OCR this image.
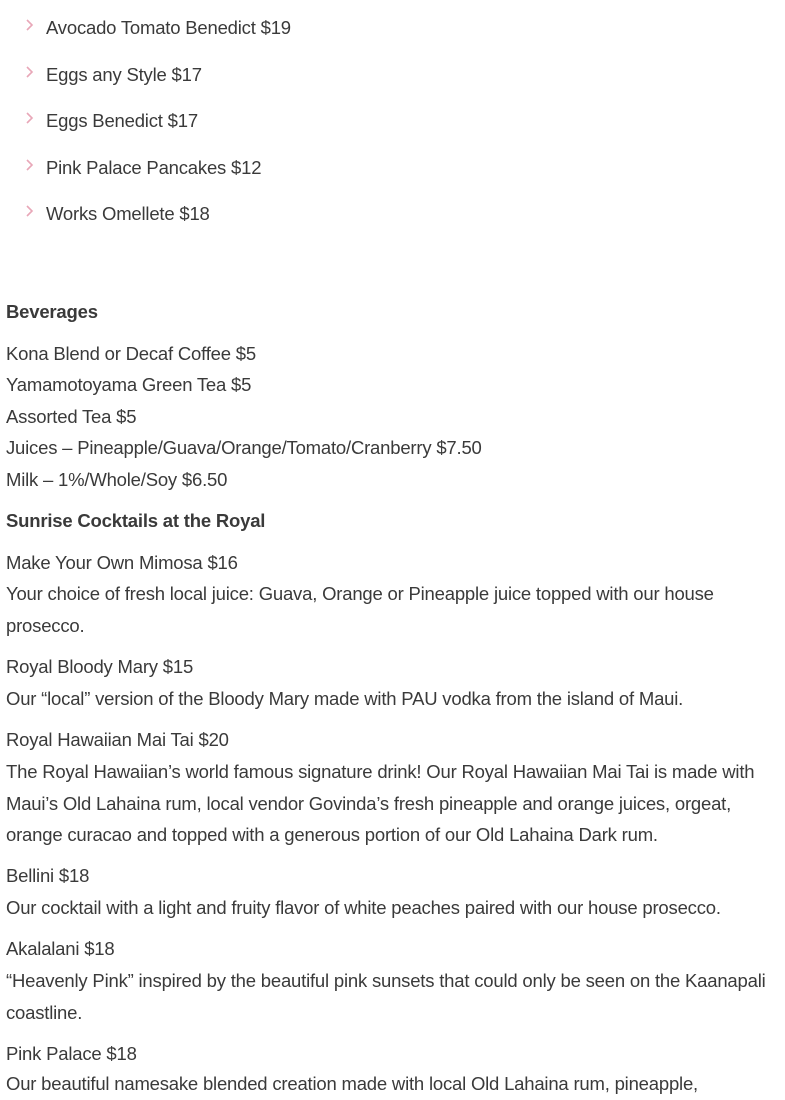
Avocado Tomato Benedict $19
Eggs any Style $17
Eggs Benedict $17
Pink Palace Pancakes $12
Works Omellete $18
Beverages
Kona Blend or Decaf Coffee $5
Yamamotoyama Green Tea $5
Assorted Tea $5
Juices – Pineapple/Guava/Orange/Tomato/Cranberry $7.50
Milk – 1%/Whole/Soy $6.50
Sunrise Cocktails at the Royal
Make Your Own Mimosa $16
Your choice of fresh local juice: Guava, Orange or Pineapple juice topped with our house prosecco.
Royal Bloody Mary $15
Our “local” version of the Bloody Mary made with PAU vodka from the island of Maui.
Royal Hawaiian Mai Tai $20
The Royal Hawaiian’s world famous signature drink! Our Royal Hawaiian Mai Tai is made with Maui’s Old Lahaina rum, local vendor Govinda’s fresh pineapple and orange juices, orgeat, orange curacao and topped with a generous portion of our Old Lahaina Dark rum.
Bellini $18
Our cocktail with a light and fruity flavor of white peaches paired with our house prosecco.
Akalalani $18
“Heavenly Pink” inspired by the beautiful pink sunsets that could only be seen on the Kaanapali coastline.
Pink Palace $18
Our beautiful namesake blended creation made with local Old Lahaina rum, pineapple,
